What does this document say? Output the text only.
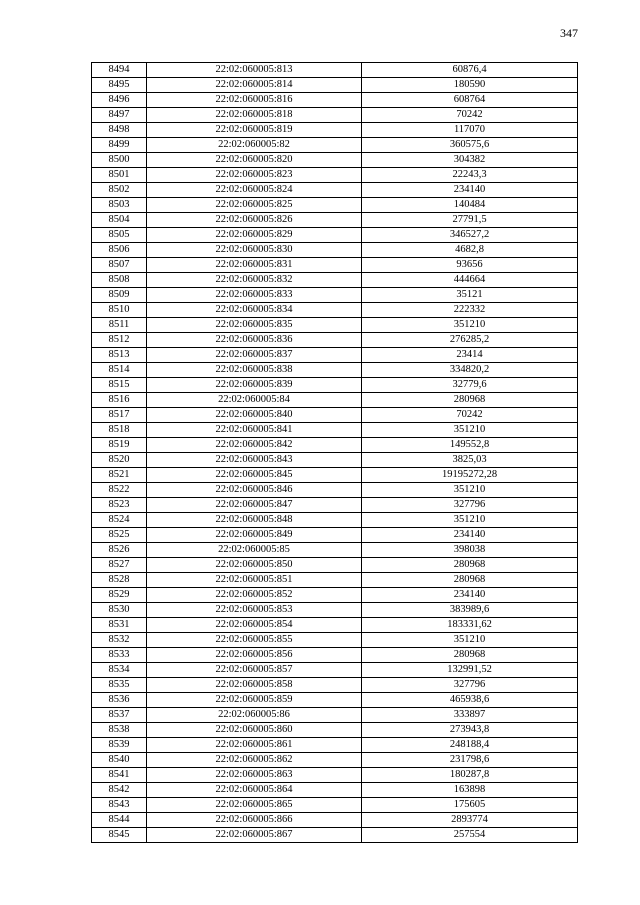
347
8494	22:02:060005:813	60876,4
8495	22:02:060005:814	180590
8496	22:02:060005:816	608764
8497	22:02:060005:818	70242
8498	22:02:060005:819	117070
8499	22:02:060005:82	360575,6
8500	22:02:060005:820	304382
8501	22:02:060005:823	22243,3
8502	22:02:060005:824	234140
8503	22:02:060005:825	140484
8504	22:02:060005:826	27791,5
8505	22:02:060005:829	346527,2
8506	22:02:060005:830	4682,8
8507	22:02:060005:831	93656
8508	22:02:060005:832	444664
8509	22:02:060005:833	35121
8510	22:02:060005:834	222332
8511	22:02:060005:835	351210
8512	22:02:060005:836	276285,2
8513	22:02:060005:837	23414
8514	22:02:060005:838	334820,2
8515	22:02:060005:839	32779,6
8516	22:02:060005:84	280968
8517	22:02:060005:840	70242
8518	22:02:060005:841	351210
8519	22:02:060005:842	149552,8
8520	22:02:060005:843	3825,03
8521	22:02:060005:845	19195272,28
8522	22:02:060005:846	351210
8523	22:02:060005:847	327796
8524	22:02:060005:848	351210
8525	22:02:060005:849	234140
8526	22:02:060005:85	398038
8527	22:02:060005:850	280968
8528	22:02:060005:851	280968
8529	22:02:060005:852	234140
8530	22:02:060005:853	383989,6
8531	22:02:060005:854	183331,62
8532	22:02:060005:855	351210
8533	22:02:060005:856	280968
8534	22:02:060005:857	132991,52
8535	22:02:060005:858	327796
8536	22:02:060005:859	465938,6
8537	22:02:060005:86	333897
8538	22:02:060005:860	273943,8
8539	22:02:060005:861	248188,4
8540	22:02:060005:862	231798,6
8541	22:02:060005:863	180287,8
8542	22:02:060005:864	163898
8543	22:02:060005:865	175605
8544	22:02:060005:866	2893774
8545	22:02:060005:867	257554
